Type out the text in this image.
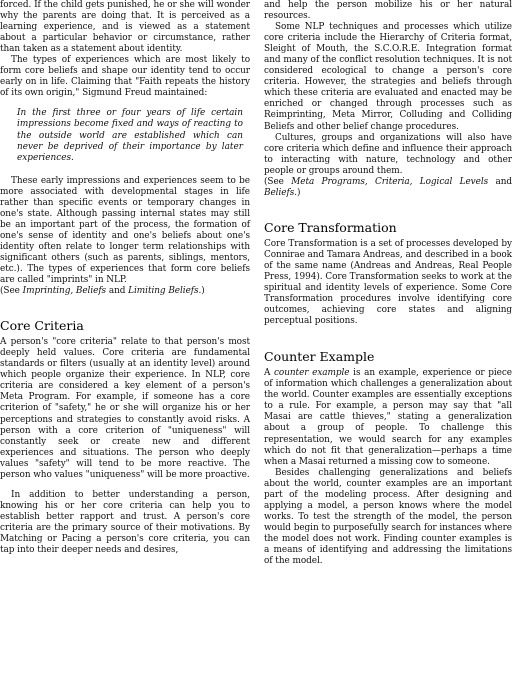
forced. If the child gets punished, he or she will wonder why the parents are doing that. It is perceived as a learning experience, and is viewed as a statement about a particular behavior or circumstance, rather than taken as a statement about identity.

The types of experiences which are most likely to form core beliefs and shape our identity tend to occur early on in life. Claiming that "Faith repeats the history of its own origin," Sigmund Freud maintained:

In the first three or four years of life certain impressions become fixed and ways of reacting to the outside world are established which can never be deprived of their importance by later experiences.

These early impressions and experiences seem to be more associated with developmental stages in life rather than specific events or temporary changes in one's state. Although passing internal states may still be an important part of the process, the formation of one's sense of identity and one's beliefs about one's identity often relate to longer term relationships with significant others (such as parents, siblings, mentors, etc.). The types of experiences that form core beliefs are called "imprints" in NLP.

(See Imprinting, Beliefs and Limiting Beliefs.)

Core Criteria

A person's "core criteria" relate to that person's most deeply held values. Core criteria are fundamental standards or filters (usually at an identity level) around which people organize their experience. In NLP, core criteria are considered a key element of a person's Meta Program. For example, if someone has a core criterion of "safety," he or she will organize his or her perceptions and strategies to constantly avoid risks. A person with a core criterion of "uniqueness" will constantly seek or create new and different experiences and situations. The person who deeply values "safety" will tend to be more reactive. The person who values "uniqueness" will be more proactive.

In addition to better understanding a person, knowing his or her core criteria can help you to establish better rapport and trust. A person's core criteria are the primary source of their motivations. By Matching or Pacing a person's core criteria, you can tap into their deeper needs and desires,

and help the person mobilize his or her natural resources.

Some NLP techniques and processes which utilize core criteria include the Hierarchy of Criteria format, Sleight of Mouth, the S.C.O.R.E. Integration format and many of the conflict resolution techniques. It is not considered ecological to change a person's core criteria. However, the strategies and beliefs through which these criteria are evaluated and enacted may be enriched or changed through processes such as Reimprinting, Meta Mirror, Colluding and Colliding Beliefs and other belief change procedures.

Cultures, groups and organizations will also have core criteria which define and influence their approach to interacting with nature, technology and other people or groups around them.

(See Meta Programs, Criteria, Logical Levels and Beliefs.)

Core Transformation

Core Transformation is a set of processes developed by Connirae and Tamara Andreas, and described in a book of the same name (Andreas and Andreas, Real People Press, 1994). Core Transformation seeks to work at the spiritual and identity levels of experience. Some Core Transformation procedures involve identifying core outcomes, achieving core states and aligning perceptual positions.

Counter Example

A counter example is an example, experience or piece of information which challenges a generalization about the world. Counter examples are essentially exceptions to a rule. For example, a person may say that "all Masai are cattle thieves," stating a generalization about a group of people. To challenge this representation, we would search for any examples which do not fit that generalization—perhaps a time when a Masai returned a missing cow to someone.

Besides challenging generalizations and beliefs about the world, counter examples are an important part of the modeling process. After designing and applying a model, a person knows where the model works. To test the strength of the model, the person would begin to purposefully search for instances where the model does not work. Finding counter examples is a means of identifying and addressing the limitations of the model.
